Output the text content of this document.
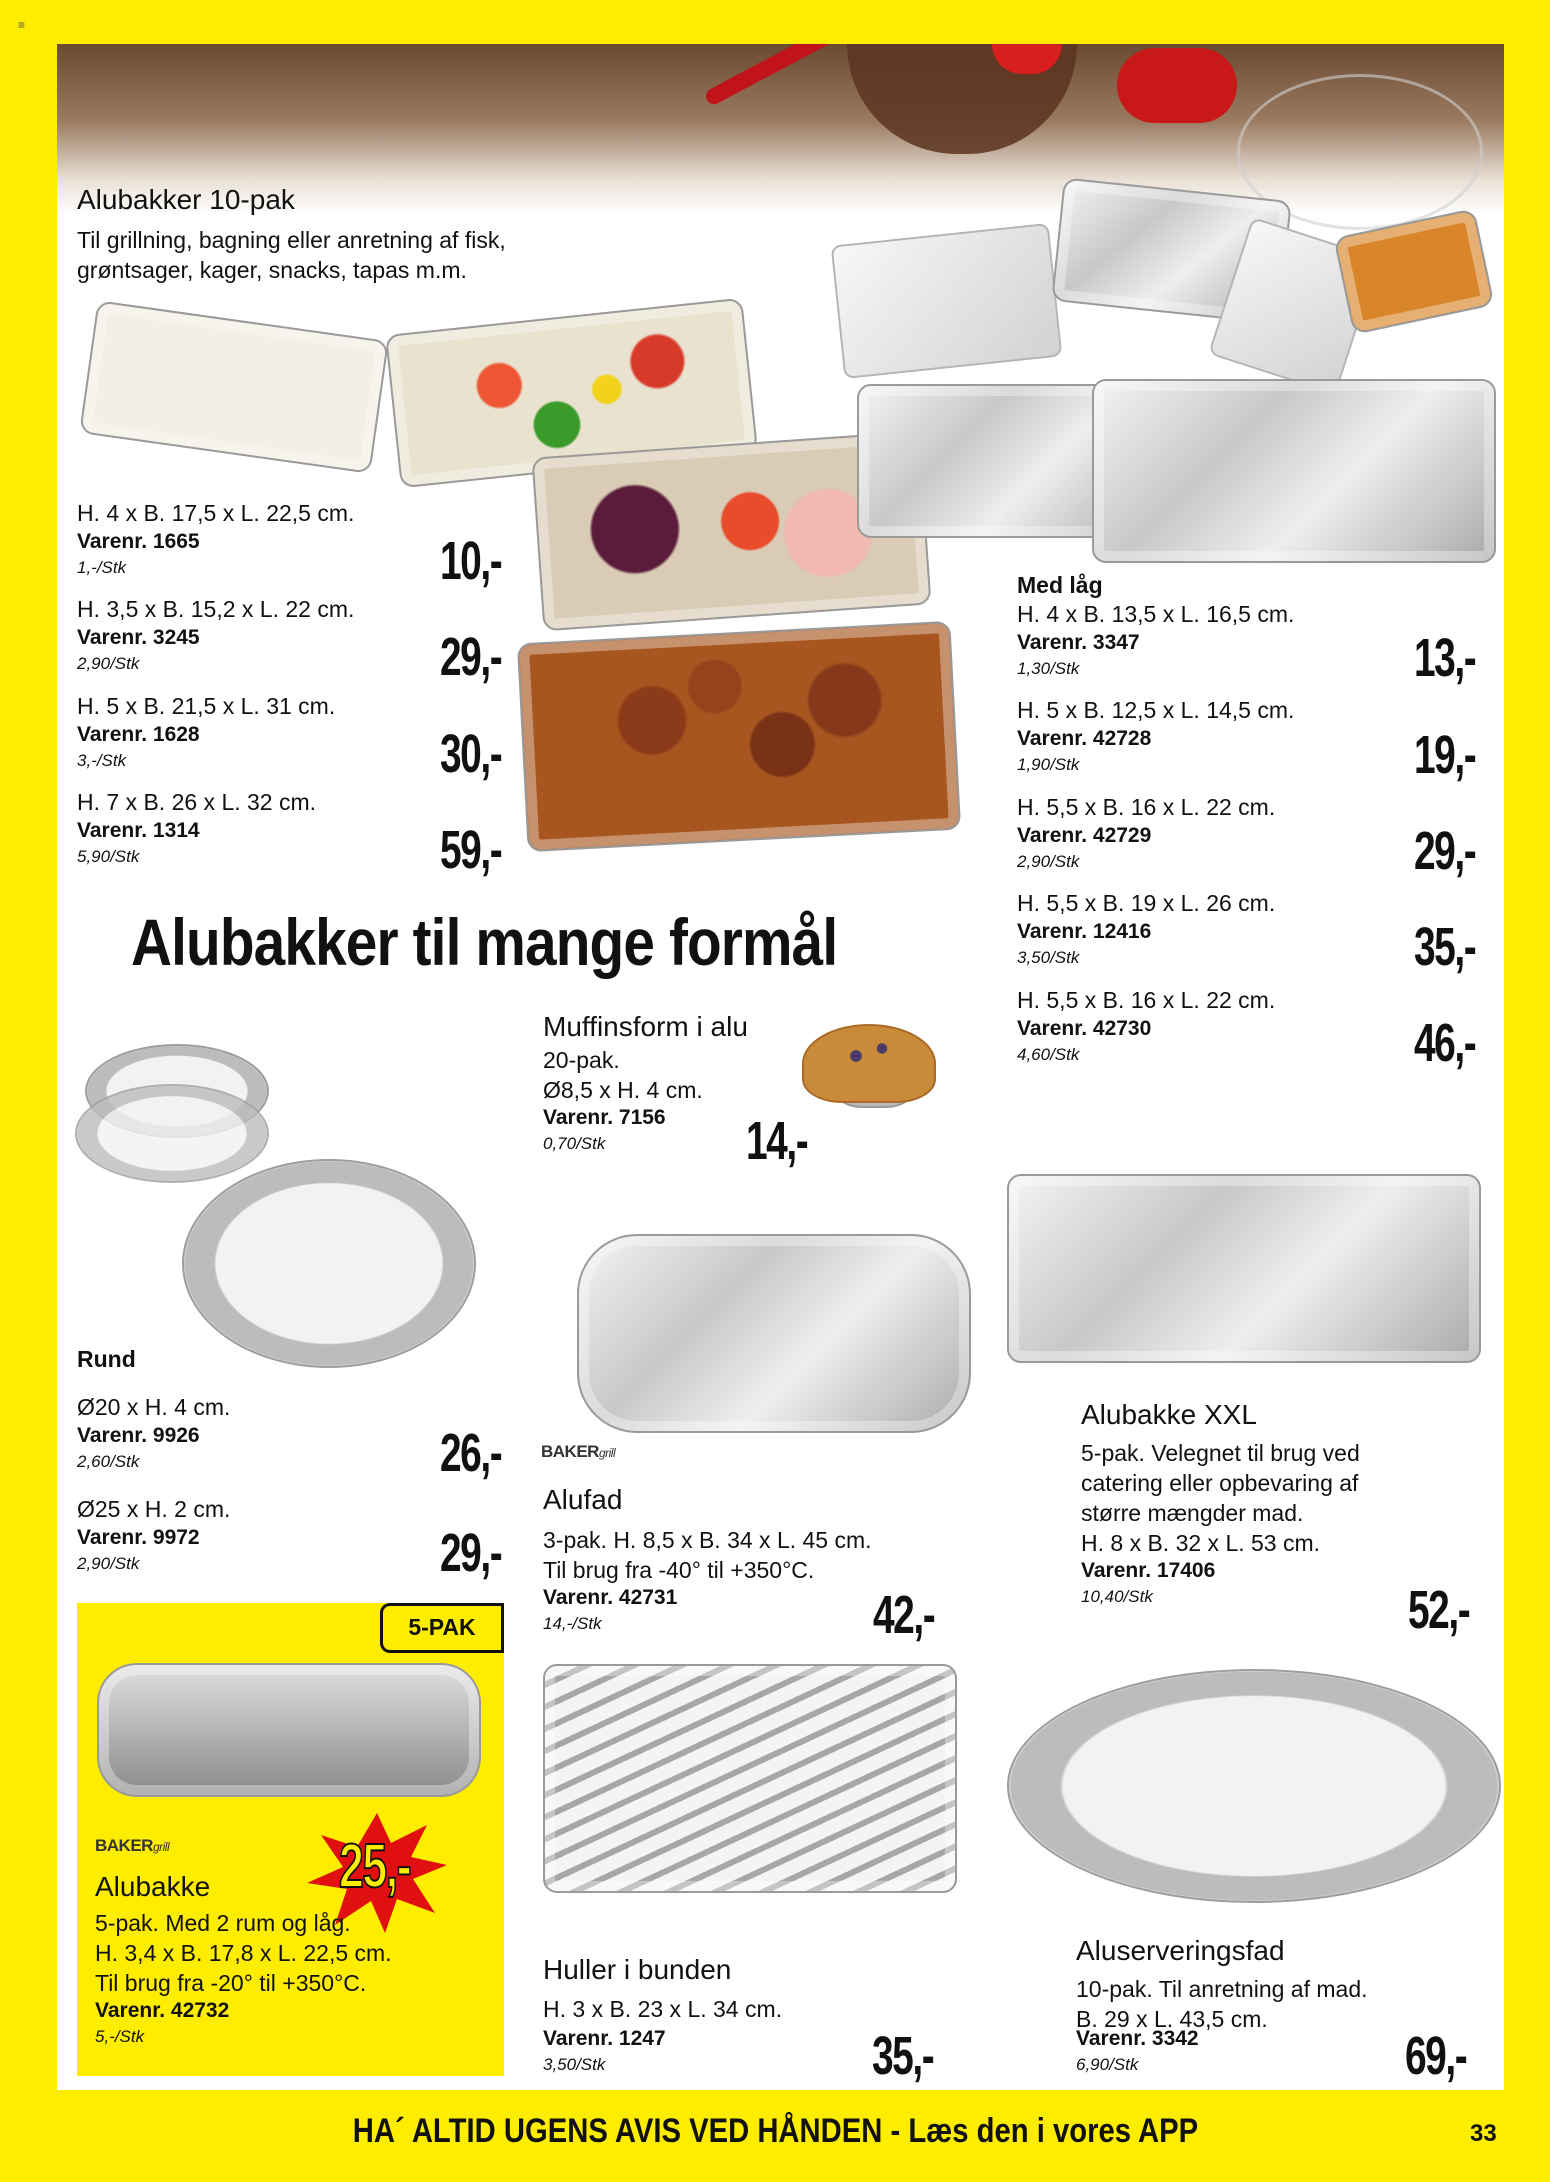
≡
Alubakker 10-pak
Til grillning, bagning eller anretning af fisk,
grøntsager, kager, snacks, tapas m.m.
H. 4 x B. 17,5 x L. 22,5 cm.
Varenr. 1665
1,-/Stk	10,-
H. 3,5 x B. 15,2 x L. 22 cm.
Varenr. 3245
2,90/Stk	29,-
H. 5 x B. 21,5 x L. 31 cm.
Varenr. 1628
3,-/Stk	30,-
H. 7 x B. 26 x L. 32 cm.
Varenr. 1314
5,90/Stk	59,-
Alubakker til mange formål
Med låg
H. 4 x B. 13,5 x L. 16,5 cm.
Varenr. 3347
1,30/Stk	13,-
H. 5 x B. 12,5 x L. 14,5 cm.
Varenr. 42728
1,90/Stk	19,-
H. 5,5 x B. 16 x L. 22 cm.
Varenr. 42729
2,90/Stk	29,-
H. 5,5 x B. 19 x L. 26 cm.
Varenr. 12416
3,50/Stk	35,-
H. 5,5 x B. 16 x L. 22 cm.
Varenr. 42730
4,60/Stk	46,-
Muffinsform i alu
20-pak.
Ø8,5 x H. 4 cm.
Varenr. 7156
0,70/Stk	14,-
Rund
Ø20 x H. 4 cm.
Varenr. 9926
2,60/Stk	26,-
Ø25 x H. 2 cm.
Varenr. 9972
2,90/Stk	29,-
BAKERgrill
Alufad
3-pak. H. 8,5 x B. 34 x L. 45 cm.
Til brug fra -40° til +350°C.
Varenr. 42731
14,-/Stk	42,-
Alubakke XXL
5-pak. Velegnet til brug ved
catering eller opbevaring af
større mængder mad.
H. 8 x B. 32 x L. 53 cm.
Varenr. 17406
10,40/Stk	52,-
5-PAK
BAKERgrill	25,-
Alubakke
5-pak. Med 2 rum og låg.
H. 3,4 x B. 17,8 x L. 22,5 cm.
Til brug fra -20° til +350°C.
Varenr. 42732
5,-/Stk
Huller i bunden
H. 3 x B. 23 x L. 34 cm.
Varenr. 1247
3,50/Stk	35,-
Aluserveringsfad
10-pak. Til anretning af mad.
B. 29 x L. 43,5 cm.
Varenr. 3342
6,90/Stk	69,-
HA´ ALTID UGENS AVIS VED HÅNDEN - Læs den i vores APP	33
